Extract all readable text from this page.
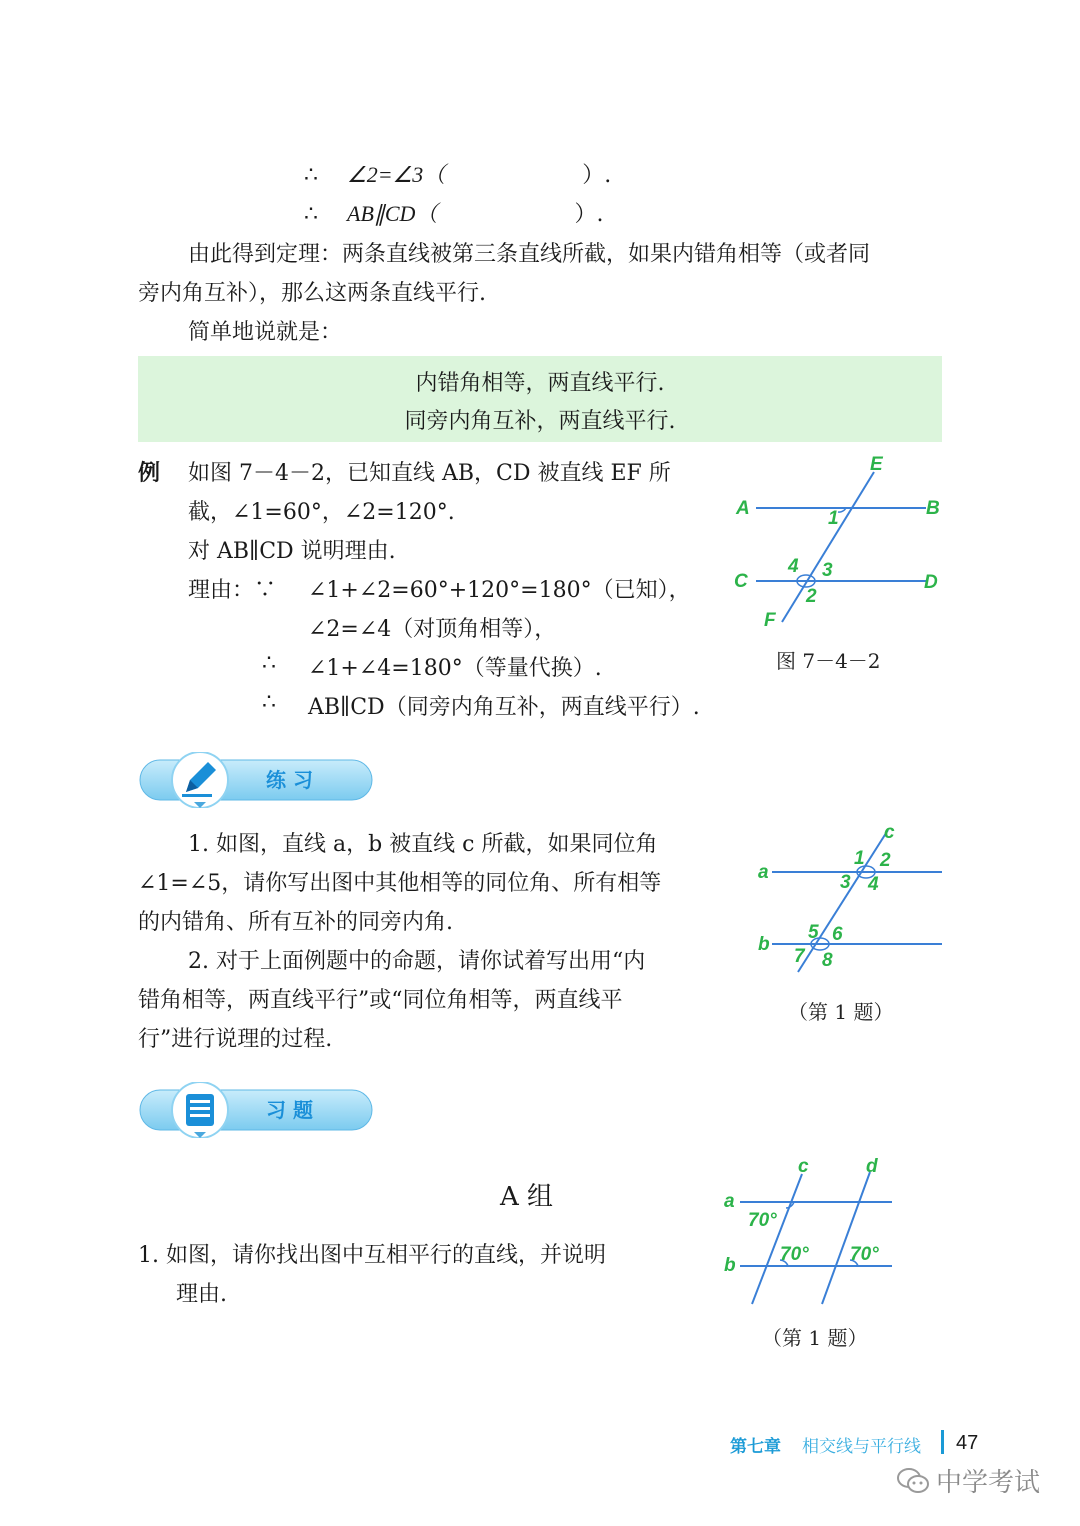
∴ ∠2=∠3（	）.
∴ AB∥CD（	）.
由此得到定理：两条直线被第三条直线所截，如果内错角相等（或者同
旁内角互补），那么这两条直线平行.
简单地说就是：
内错角相等，两直线平行.
同旁内角互补，两直线平行.
例 如图 7－4－2，已知直线 AB，CD 被直线 EF 所
截，∠1=60°，∠2=120°.
对 AB∥CD 说明理由.
理由：∵ ∠1+∠2=60°+120°=180°（已知），
∠2=∠4（对顶角相等），
∴ ∠1+∠4=180°（等量代换）.
∴ AB∥CD（同旁内角互补，两直线平行）.
E
A	B
C	D
F
1
2
3
4
图 7－4－2
练 习
1. 如图，直线 a，b 被直线 c 所截，如果同位角
∠1=∠5，请你写出图中其他相等的同位角、所有相等
的内错角、所有互补的同旁内角.
2. 对于上面例题中的命题，请你试着写出用“内
错角相等，两直线平行”或“同位角相等，两直线平
行”进行说理的过程.
a
b
c
1 2
3 4
5 6
7 8
（第 1 题）
习 题
A 组
1. 如图，请你找出图中互相平行的直线，并说明
理由.
a
b
c	d
70°
70° 70°
（第 1 题）
第七章 相交线与平行线 47
中学考试
